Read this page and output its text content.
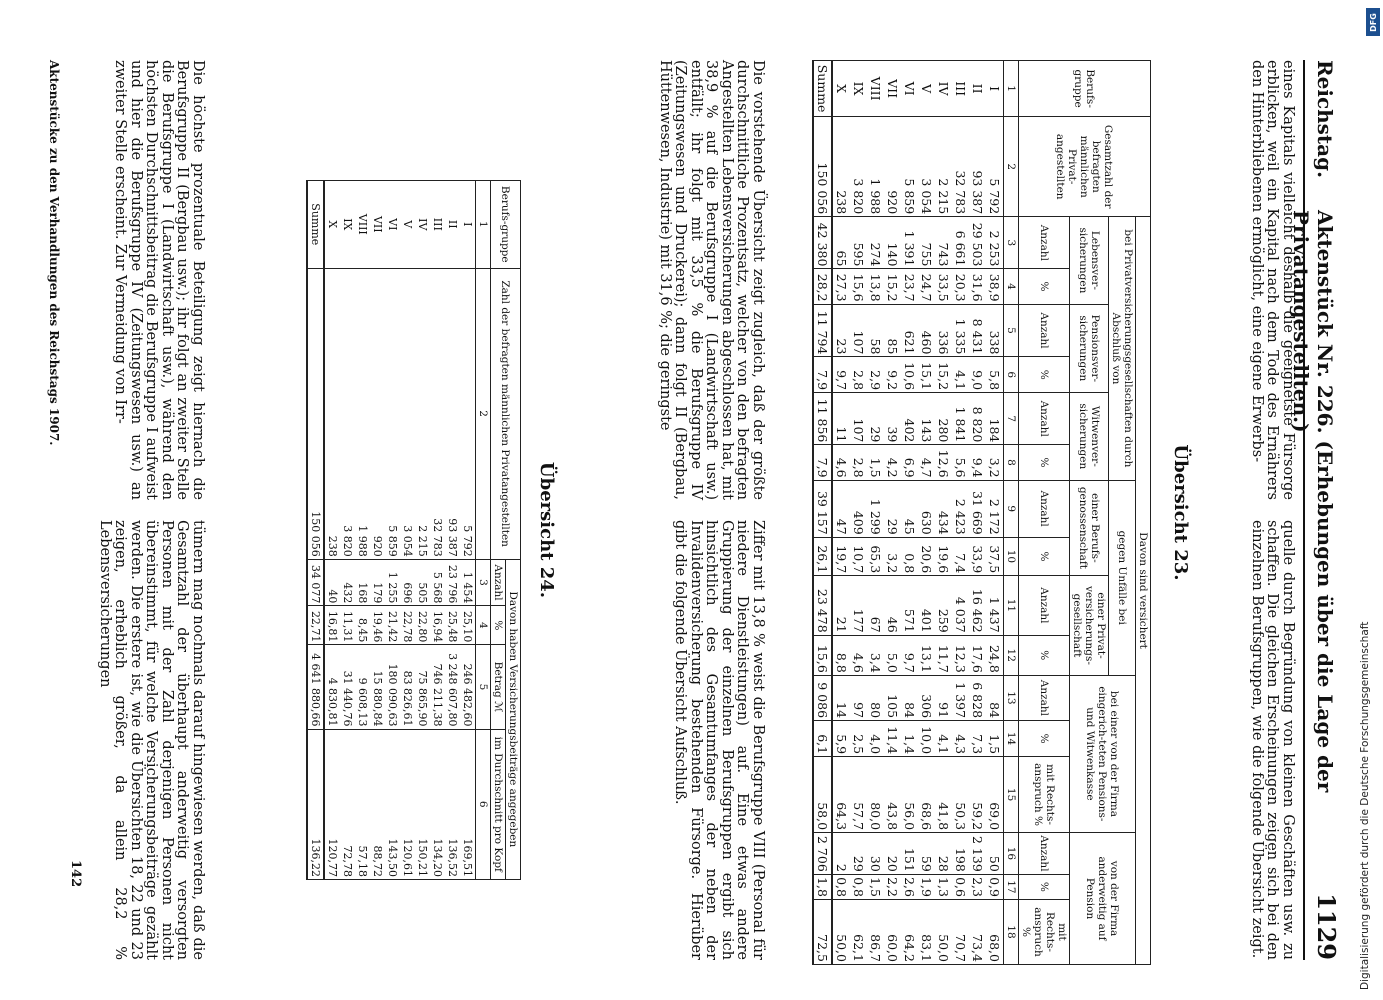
Reichstag.
Aktenstück Nr. 226. (Erhebungen über die Lage der Privatangestellten.)
1129

eines Kapitals vielleicht deshalb die geeignetste Fürsorge erblicken, weil ein Kapital nach dem Tode des Ernährers den Hinterbliebenen ermöglicht, eine eigene Erwerbs-

quelle durch Begründung von kleinen Geschäften usw. zu schaffen. Die gleichen Erscheinungen zeigen sich bei den einzelnen Berufsgruppen, wie die folgende Übersicht zeigt.

Übersicht 23.
Berufs-gruppe	Gesamtzahl der befragten männlichen Privat-angestellten	Davon sind versichert															
		bei Privatversicherungsgesellschaften durch Abschluß von						gegen Unfälle bei				bei einer von der Firma eingerich-teten Pensions- und Witwenkasse			von der Firma anderweitig auf Pension		
		Lebensver-sicherungen		Pensionsver-sicherungen		Witwenver-sicherungen		einer Berufs-genossenschaft		einer Privat-versicherungs-gesellschaft							
		Anzahl	%	Anzahl	%	Anzahl	%	Anzahl	%	Anzahl	%	Anzahl	%	mit Rechts-anspruch %	Anzahl	%	mit Rechts-anspruch %
1	2	3	4	5	6	7	8	9	10	11	12	13	14	15	16	17	18
I	5 792	2 253	38,9	338	5,8	184	3,2	2 172	37,5	1 437	24,8	84	1,5	69,0	50	0,9	68,0
II	93 387	29 503	31,6	8 431	9,0	8 820	9,4	31 669	33,9	16 462	17,6	6 828	7,3	59,2	2 139	2,3	73,4
III	32 783	6 661	20,3	1 335	4,1	1 841	5,6	2 423	7,4	4 037	12,3	1 397	4,3	50,3	198	0,6	70,7
IV	2 215	743	33,5	336	15,2	280	12,6	434	19,6	259	11,7	91	4,1	41,8	28	1,3	50,0
V	3 054	755	24,7	460	15,1	143	4,7	630	20,6	401	13,1	306	10,0	68,6	59	1,9	83,1
VI	5 859	1 391	23,7	621	10,6	402	6,9	45	0,8	571	9,7	84	1,4	56,0	151	2,6	64,2
VII	920	140	15,2	85	9,2	39	4,2	29	3,2	46	5,0	105	11,4	43,8	20	2,2	60,0
VIII	1 988	274	13,8	58	2,9	29	1,5	1 299	65,3	67	3,4	80	4,0	80,0	30	1,5	86,7
IX	3 820	595	15,6	107	2,8	107	2,8	409	10,7	177	4,6	97	2,5	57,7	29	0,8	62,1
X	238	65	27,3	23	9,7	11	4,6	47	19,7	21	8,8	14	5,9	64,3	2	0,8	50,0
Summe	150 056	42 380	28,2	11 794	7,9	11 856	7,9	39 157	26,1	23 478	15,6	9 086	6,1	58,0	2 706	1,8	72,5

Die vorstehende Übersicht zeigt zugleich, daß der größte durchschnittliche Prozentsatz, welcher von den befragten Angestellten Lebensversicherungen abgeschlossen hat, mit 38,9 % auf die Berufsgruppe I (Landwirtschaft usw.) entfällt; ihr folgt mit 33,5 % die Berufsgruppe IV (Zeitungswesen und Druckerei); dann folgt II (Bergbau, Hüttenwesen, Industrie) mit 31,6 %; die geringste

Ziffer mit 13,8 % weist die Berufsgruppe VIII (Personal für niedere Dienstleistungen) auf. Eine etwas andere Gruppierung der einzelnen Berufsgruppen ergibt sich hinsichtlich des Gesamtumfanges der neben der Invalidenversicherung bestehenden Fürsorge. Hierüber gibt die folgende Übersicht Aufschluß.

Übersicht 24.
Berufs-gruppe	Zahl der befragten männlichen Privatangestellten	Davon haben Versicherungsbeiträge angegeben			
		Anzahl	%	Betrag ℳ	im Durchschnitt pro Kopf
1	2	3	4	5	6
I	5 792	1 454	25,10	246 482,60	169,51
II	93 387	23 796	25,48	3 248 607,80	136,52
III	32 783	5 568	16,94	746 211,38	134,20
IV	2 215	505	22,80	75 865,90	150,21
V	3 054	696	22,78	83 826,61	120,61
VI	5 859	1 255	21,42	180 090,63	143,50
VII	920	179	19,46	15 880,84	88,72
VIII	1 988	168	8,45	9 608,13	57,18
IX	3 820	432	11,31	31 440,76	72,78
X	238	40	16,81	4 830,81	120,77
Summe	150 056	34 077	22,71	4 641 880,66	136,22

Die höchste prozentuale Beteiligung zeigt hiernach die Berufsgruppe II (Bergbau usw.); ihr folgt an zweiter Stelle die Berufsgruppe I (Landwirtschaft usw.), während den höchsten Durchschnittsbeitrag die Berufsgruppe I aufweist und hier die Berufsgruppe IV (Zeitungswesen usw.) an zweiter Stelle erscheint. Zur Vermeidung von Irr-

tümern mag nochmals darauf hingewiesen werden, daß die Gesamtzahl der überhaupt anderweitig versorgten Personen mit der Zahl derjenigen Personen nicht übereinstimmt, für welche Versicherungsbeiträge gezählt werden. Die erstere ist, wie die Übersichten 18, 22 und 23 zeigen, erheblich größer, da allein 28,2 % Lebensversicherungen

Aktenstücke zu den Verhandlungen des Reichstags 1907.
142	Digitalisierung gefördert durch die Deutsche Forschungsgemeinschaft
DFG
